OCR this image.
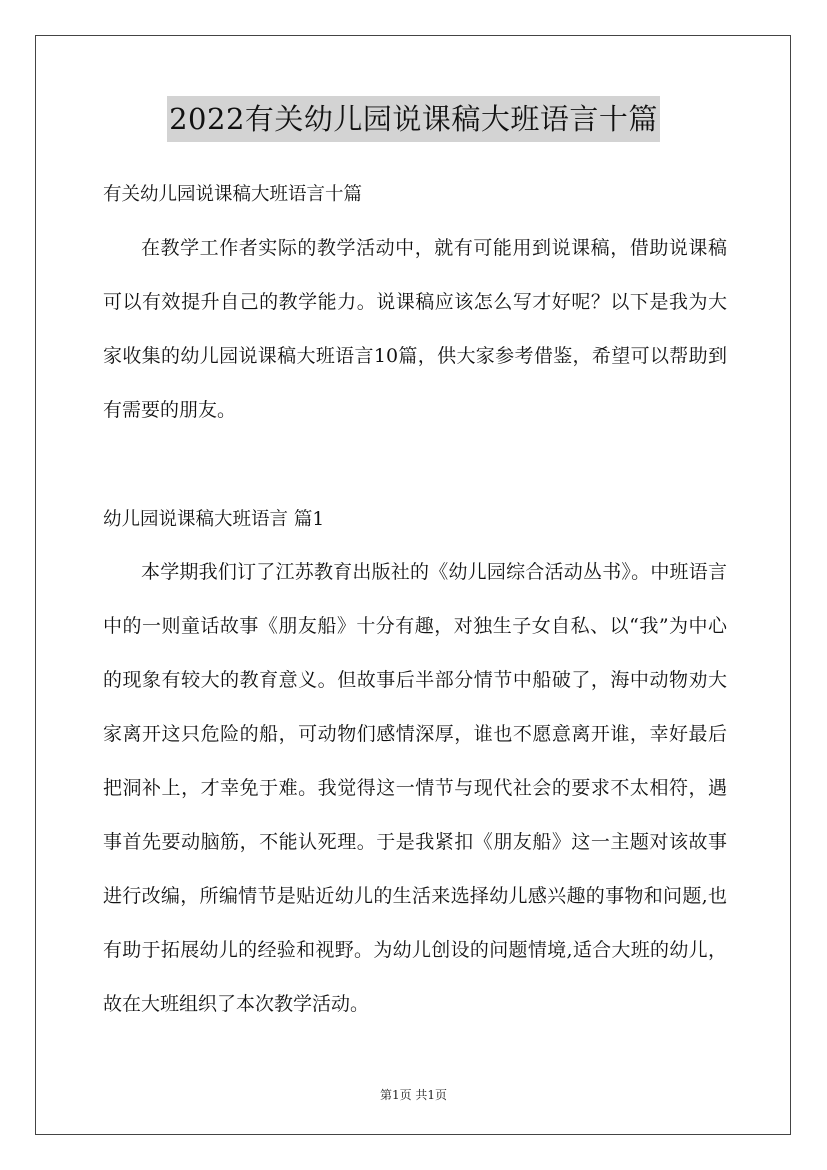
2022有关幼儿园说课稿大班语言十篇
有关幼儿园说课稿大班语言十篇
在教学工作者实际的教学活动中，就有可能用到说课稿，借助说课稿可以有效提升自己的教学能力。说课稿应该怎么写才好呢？以下是我为大家收集的幼儿园说课稿大班语言10篇，供大家参考借鉴，希望可以帮助到有需要的朋友。
幼儿园说课稿大班语言 篇1
本学期我们订了江苏教育出版社的《幼儿园综合活动丛书》。中班语言中的一则童话故事《朋友船》十分有趣，对独生子女自私、以“我”为中心的现象有较大的教育意义。但故事后半部分情节中船破了，海中动物劝大家离开这只危险的船，可动物们感情深厚，谁也不愿意离开谁，幸好最后把洞补上，才幸免于难。我觉得这一情节与现代社会的要求不太相符，遇事首先要动脑筋，不能认死理。于是我紧扣《朋友船》这一主题对该故事进行改编，所编情节是贴近幼儿的生活来选择幼儿感兴趣的事物和问题,也有助于拓展幼儿的经验和视野。为幼儿创设的问题情境,适合大班的幼儿，故在大班组织了本次教学活动。
第1页 共1页
